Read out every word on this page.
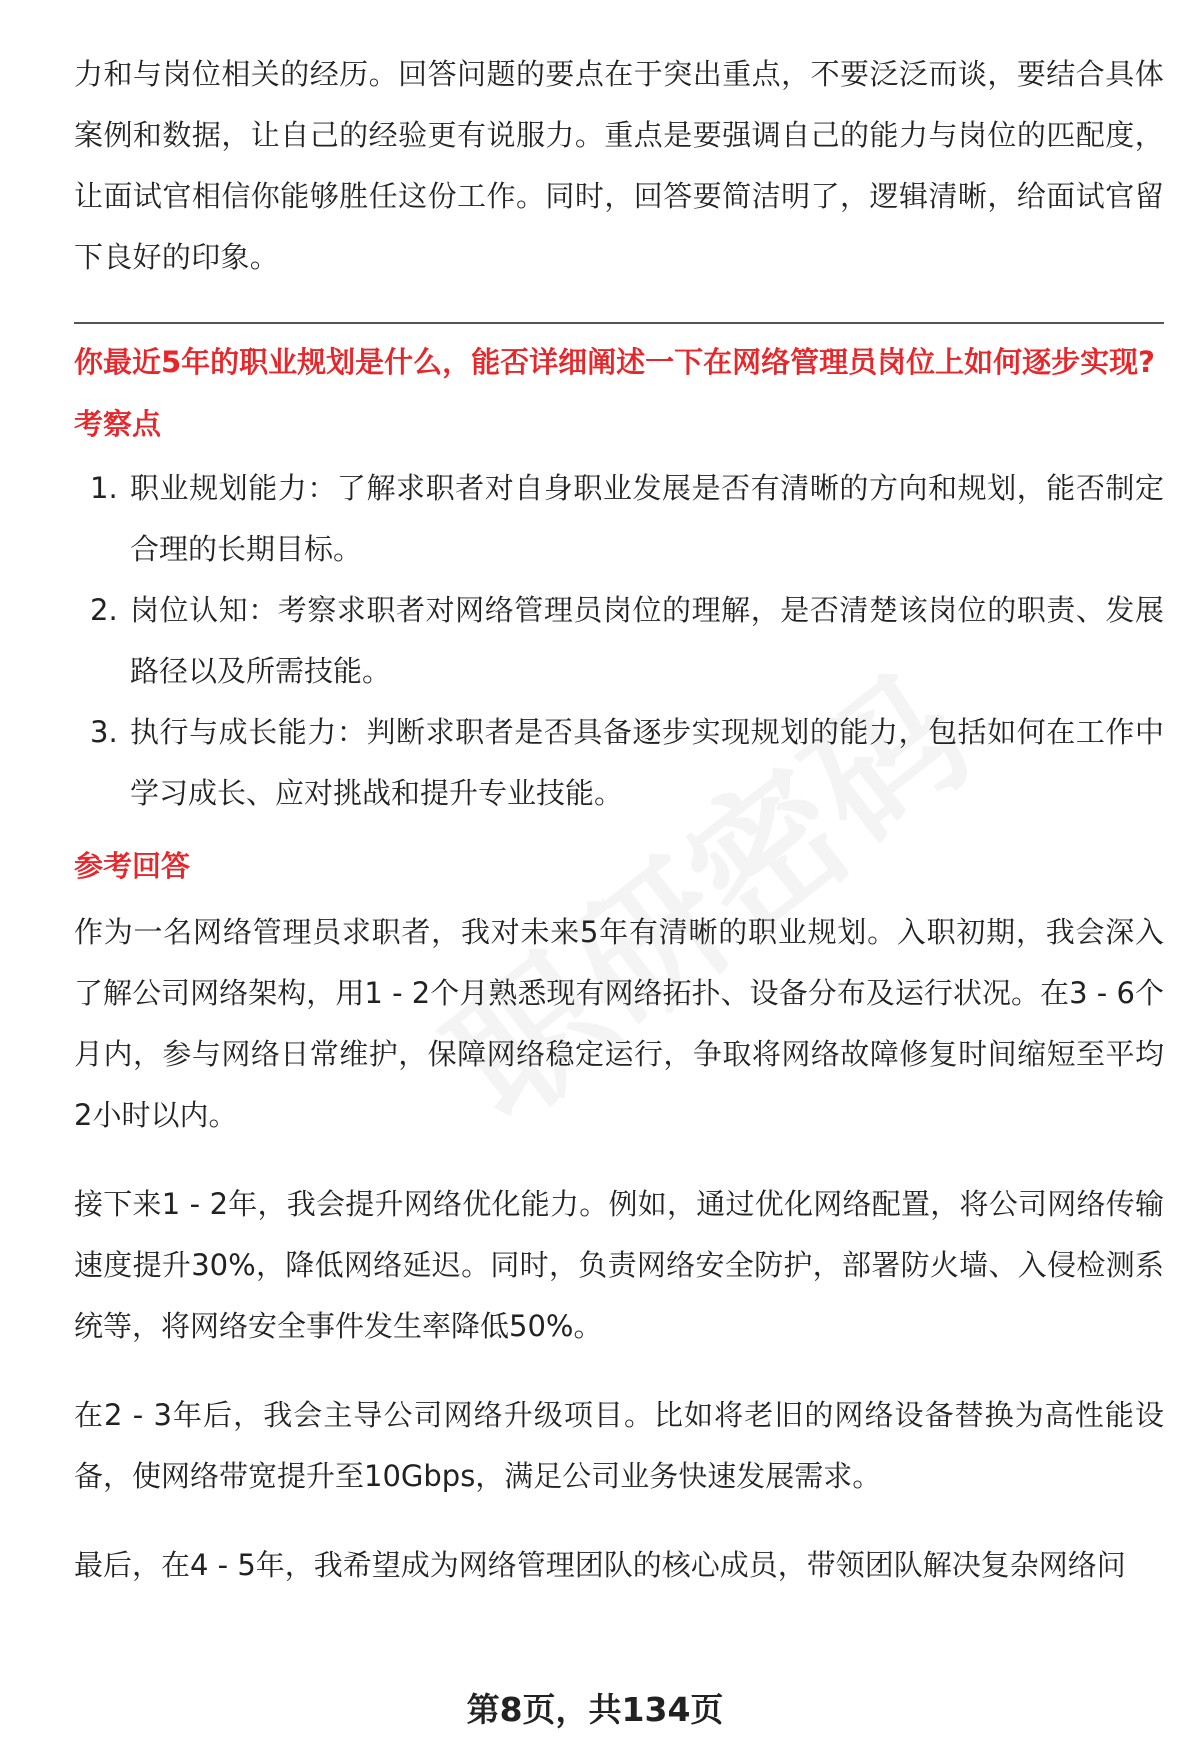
力和与岗位相关的经历。回答问题的要点在于突出重点，不要泛泛而谈，要结合具体案例和数据，让自己的经验更有说服力。重点是要强调自己的能力与岗位的匹配度，让面试官相信你能够胜任这份工作。同时，回答要简洁明了，逻辑清晰，给面试官留下良好的印象。

你最近5年的职业规划是什么，能否详细阐述一下在网络管理员岗位上如何逐步实现?

考察点
1. 职业规划能力：了解求职者对自身职业发展是否有清晰的方向和规划，能否制定合理的长期目标。
2. 岗位认知：考察求职者对网络管理员岗位的理解，是否清楚该岗位的职责、发展路径以及所需技能。
3. 执行与成长能力：判断求职者是否具备逐步实现规划的能力，包括如何在工作中学习成长、应对挑战和提升专业技能。
参考回答

作为一名网络管理员求职者，我对未来5年有清晰的职业规划。入职初期，我会深入了解公司网络架构，用1 - 2个月熟悉现有网络拓扑、设备分布及运行状况。在3 - 6个月内，参与网络日常维护，保障网络稳定运行，争取将网络故障修复时间缩短至平均2小时以内。

接下来1 - 2年，我会提升网络优化能力。例如，通过优化网络配置，将公司网络传输速度提升30%，降低网络延迟。同时，负责网络安全防护，部署防火墙、入侵检测系统等，将网络安全事件发生率降低50%。

在2 - 3年后，我会主导公司网络升级项目。比如将老旧的网络设备替换为高性能设备，使网络带宽提升至10Gbps，满足公司业务快速发展需求。

最后，在4 - 5年，我希望成为网络管理团队的核心成员，带领团队解决复杂网络问

第8页，共134页
